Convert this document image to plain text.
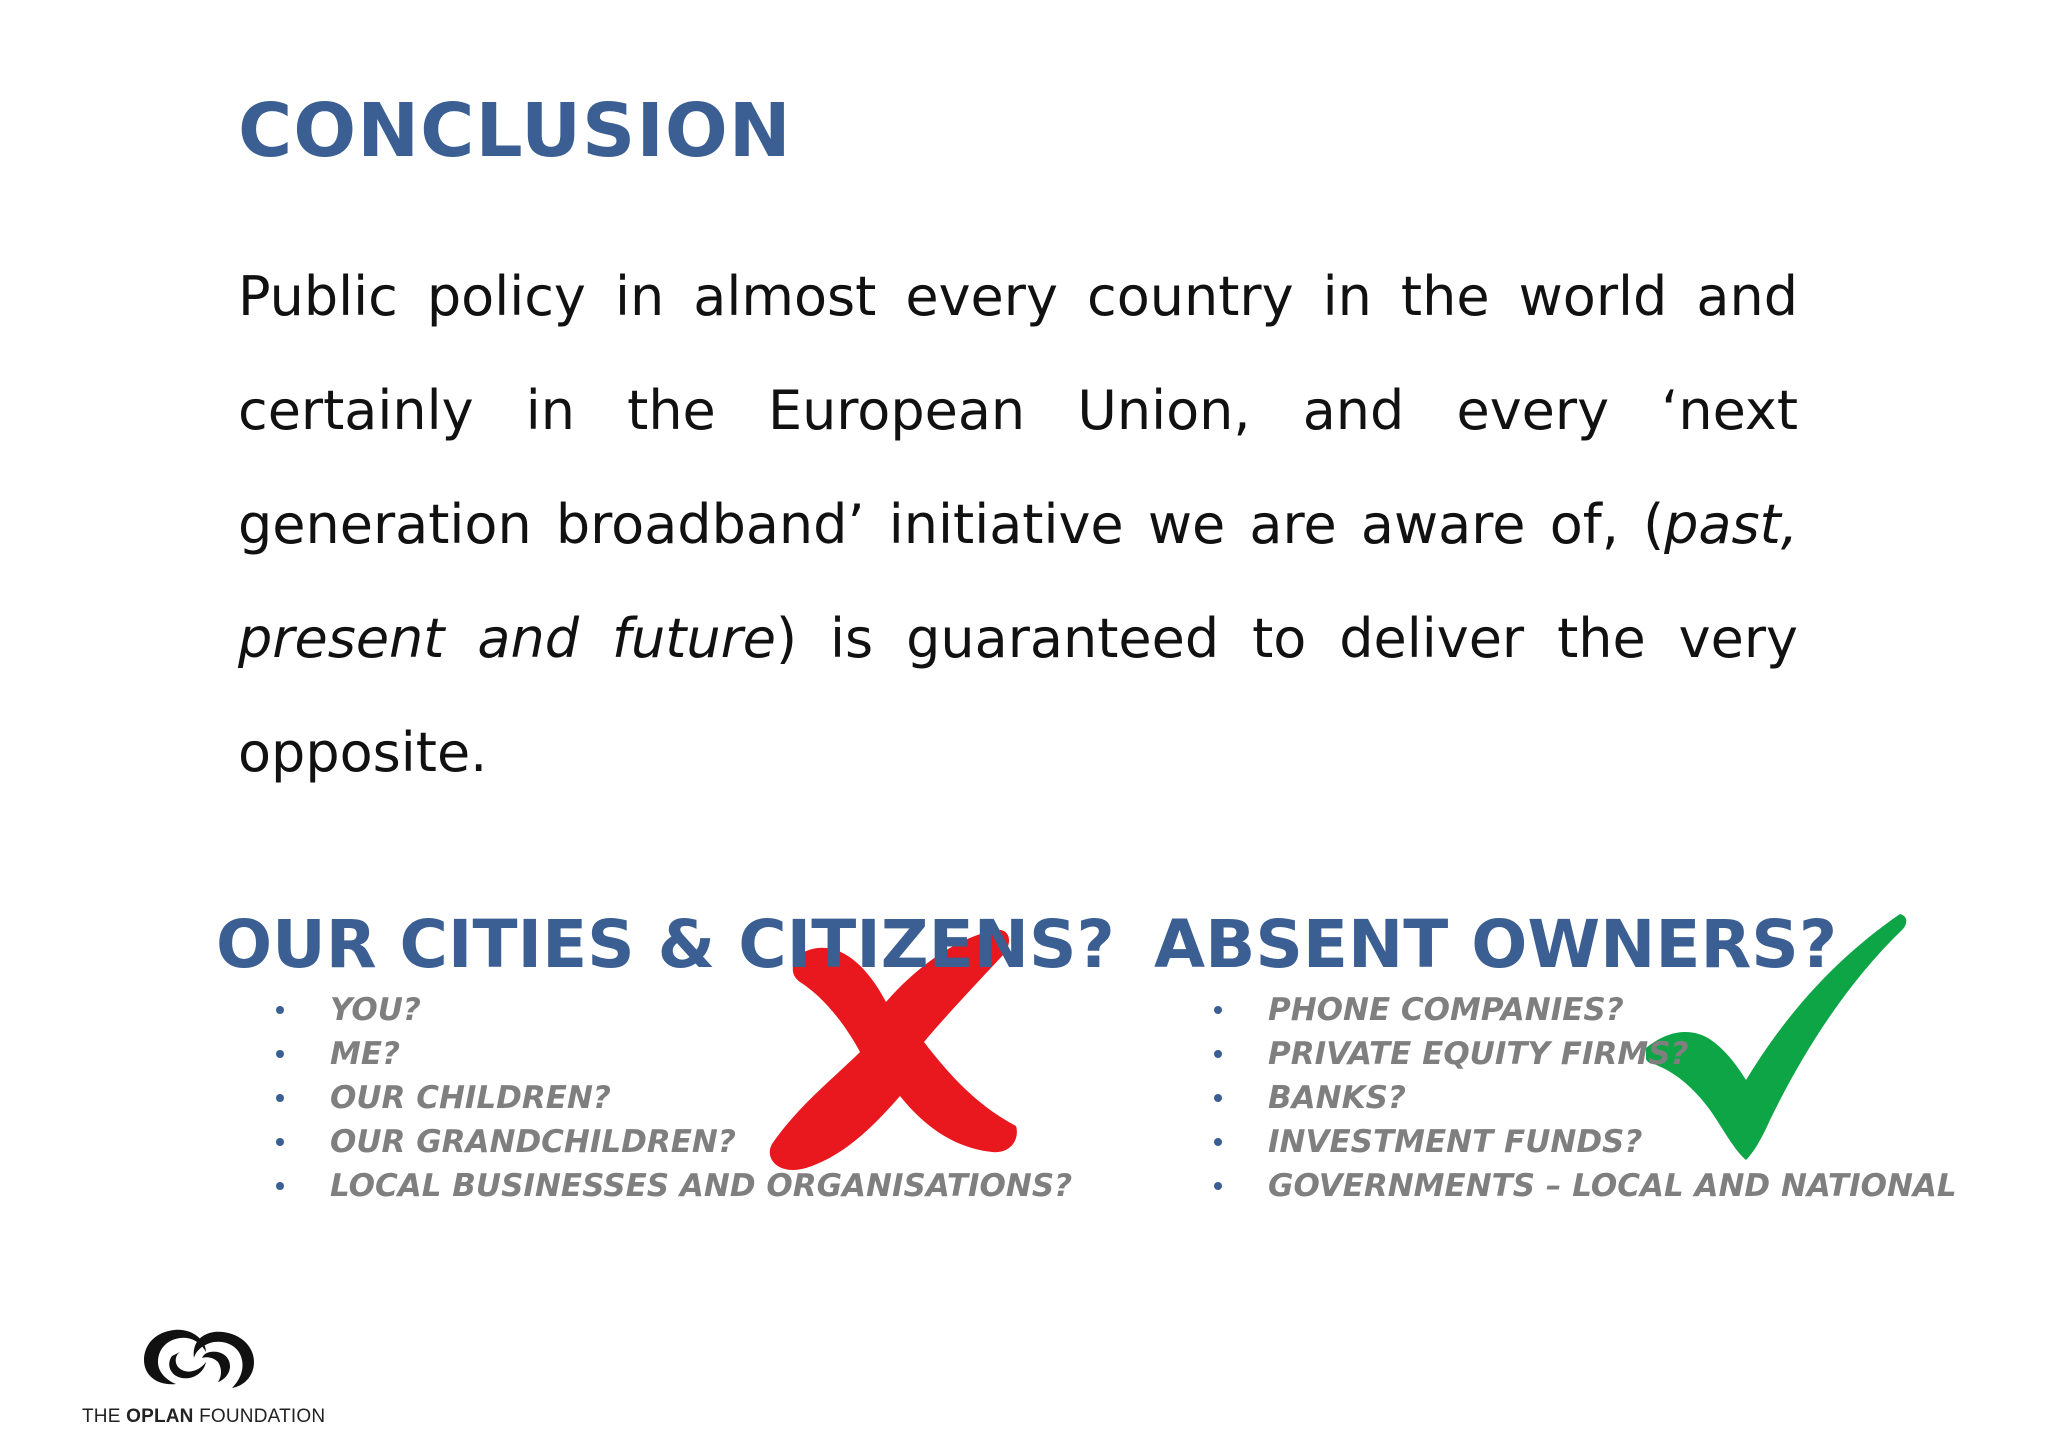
CONCLUSION
Public policy in almost every country in the world and certainly in the European Union, and every ‘next generation broadband’ initiative we are aware of, (past, present and future) is guaranteed to deliver the very opposite.
OUR CITIES & CITIZENS?
YOU?
ME?
OUR CHILDREN?
OUR GRANDCHILDREN?
LOCAL BUSINESSES AND ORGANISATIONS?
ABSENT OWNERS?
PHONE COMPANIES?
PRIVATE EQUITY FIRMS?
BANKS?
INVESTMENT FUNDS?
GOVERNMENTS – LOCAL AND NATIONAL
THE OPLAN FOUNDATION
